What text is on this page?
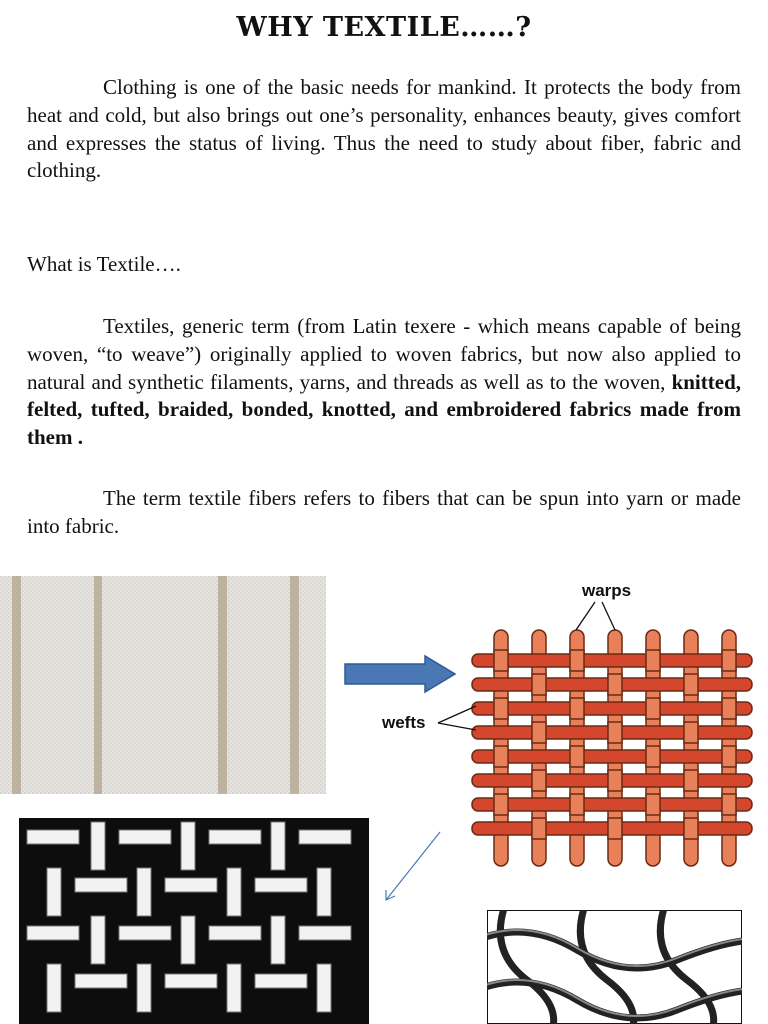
WHY TEXTILE……?

Clothing is one of the basic needs for mankind. It protects the body from heat and cold, but also brings out one’s personality, enhances beauty, gives comfort and expresses the status of living. Thus the need to study about fiber, fabric and clothing.

What is Textile….

Textiles, generic term (from Latin texere - which means capable of being woven, “to weave”) originally applied to woven fabrics, but now also applied to natural and synthetic filaments, yarns, and threads as well as to the woven, knitted, felted, tufted, braided, bonded, knotted, and embroidered fabrics made from them .

The term textile fibers refers to fibers that can be spun into yarn or made into fabric.

warps
wefts
